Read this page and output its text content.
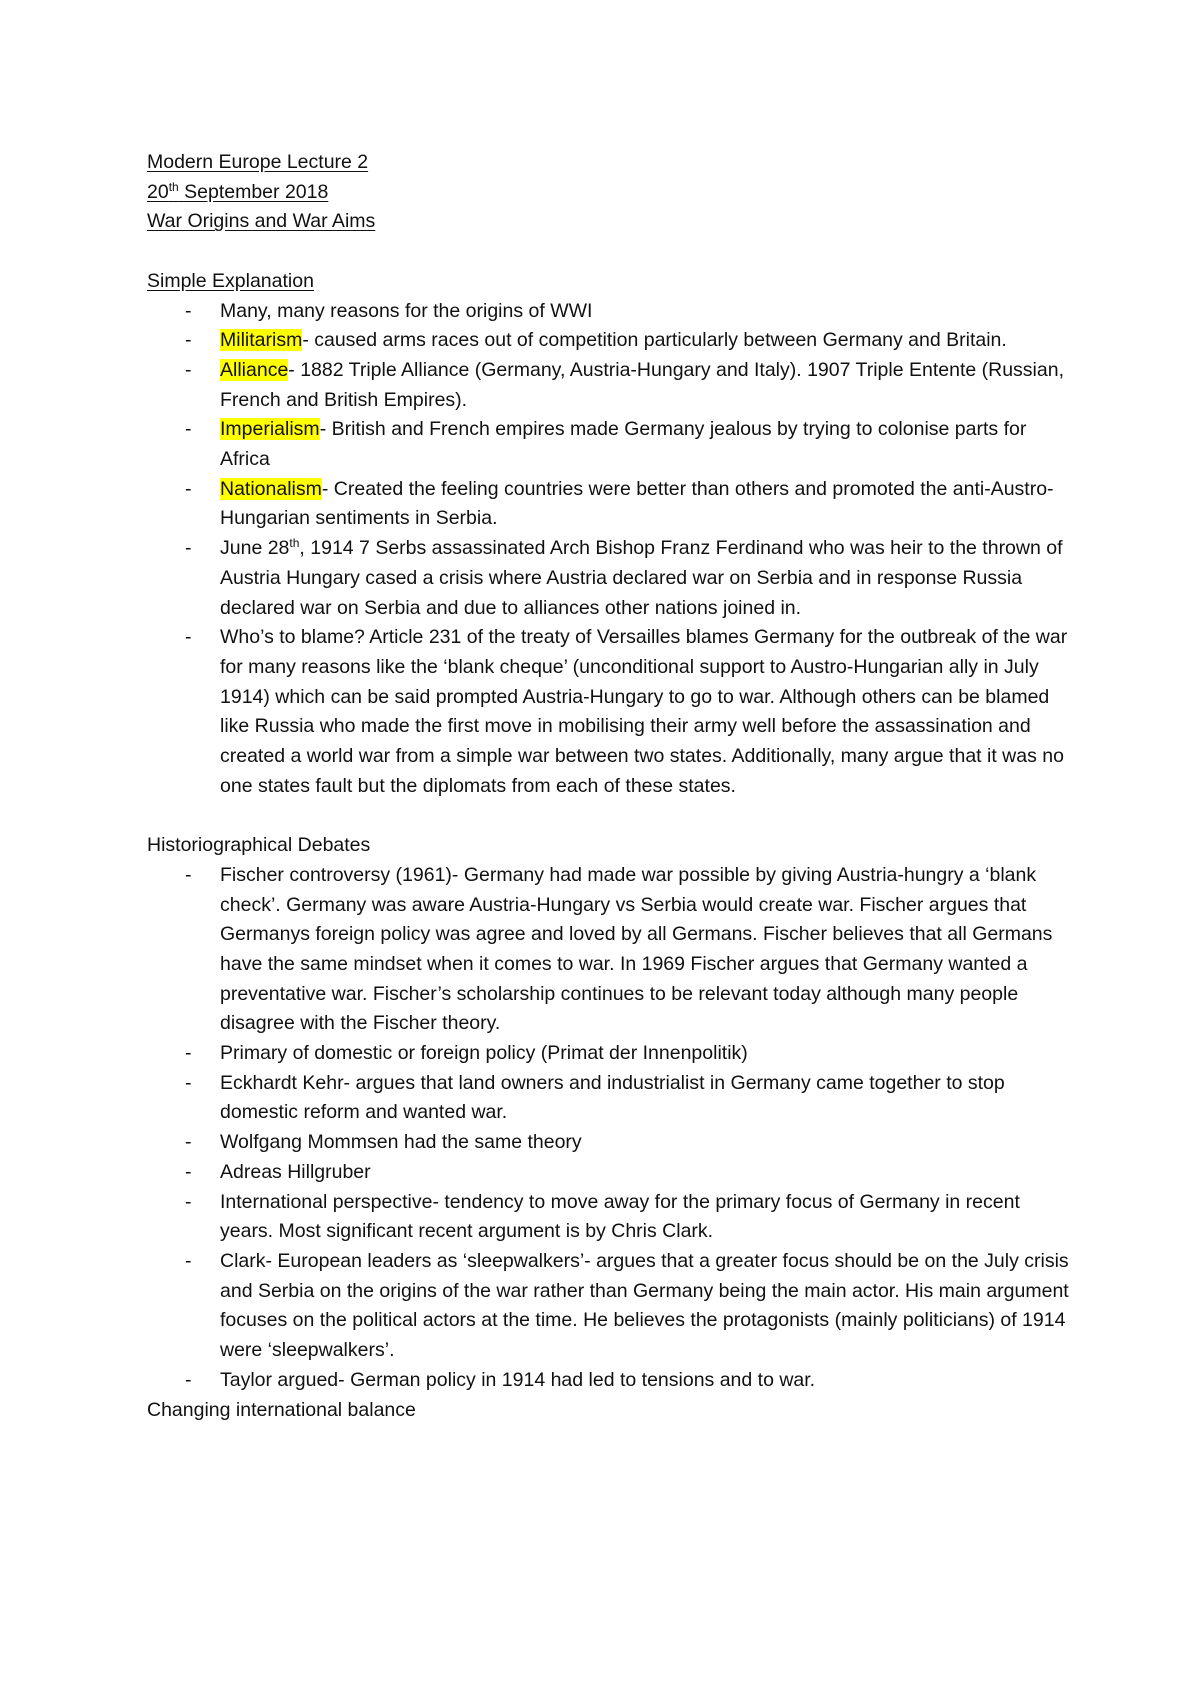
Modern Europe Lecture 2
20th September 2018
War Origins and War Aims
Simple Explanation
- Many, many reasons for the origins of WWI
- Militarism- caused arms races out of competition particularly between Germany and Britain.
- Alliance- 1882 Triple Alliance (Germany, Austria-Hungary and Italy). 1907 Triple Entente (Russian, French and British Empires).
- Imperialism- British and French empires made Germany jealous by trying to colonise parts for Africa
- Nationalism- Created the feeling countries were better than others and promoted the anti-Austro-Hungarian sentiments in Serbia.
- June 28th, 1914 7 Serbs assassinated Arch Bishop Franz Ferdinand who was heir to the thrown of Austria Hungary cased a crisis where Austria declared war on Serbia and in response Russia declared war on Serbia and due to alliances other nations joined in.
- Who’s to blame? Article 231 of the treaty of Versailles blames Germany for the outbreak of the war for many reasons like the ‘blank cheque’ (unconditional support to Austro-Hungarian ally in July 1914) which can be said prompted Austria-Hungary to go to war. Although others can be blamed like Russia who made the first move in mobilising their army well before the assassination and created a world war from a simple war between two states. Additionally, many argue that it was no one states fault but the diplomats from each of these states.
Historiographical Debates
- Fischer controversy (1961)- Germany had made war possible by giving Austria-hungry a ‘blank check’. Germany was aware Austria-Hungary vs Serbia would create war. Fischer argues that Germanys foreign policy was agree and loved by all Germans. Fischer believes that all Germans have the same mindset when it comes to war. In 1969 Fischer argues that Germany wanted a preventative war. Fischer’s scholarship continues to be relevant today although many people disagree with the Fischer theory.
- Primary of domestic or foreign policy (Primat der Innenpolitik)
- Eckhardt Kehr- argues that land owners and industrialist in Germany came together to stop domestic reform and wanted war.
- Wolfgang Mommsen had the same theory
- Adreas Hillgruber
- International perspective- tendency to move away for the primary focus of Germany in recent years. Most significant recent argument is by Chris Clark.
- Clark- European leaders as ‘sleepwalkers’- argues that a greater focus should be on the July crisis and Serbia on the origins of the war rather than Germany being the main actor. His main argument focuses on the political actors at the time. He believes the protagonists (mainly politicians) of 1914 were ‘sleepwalkers’.
- Taylor argued- German policy in 1914 had led to tensions and to war.
Changing international balance
